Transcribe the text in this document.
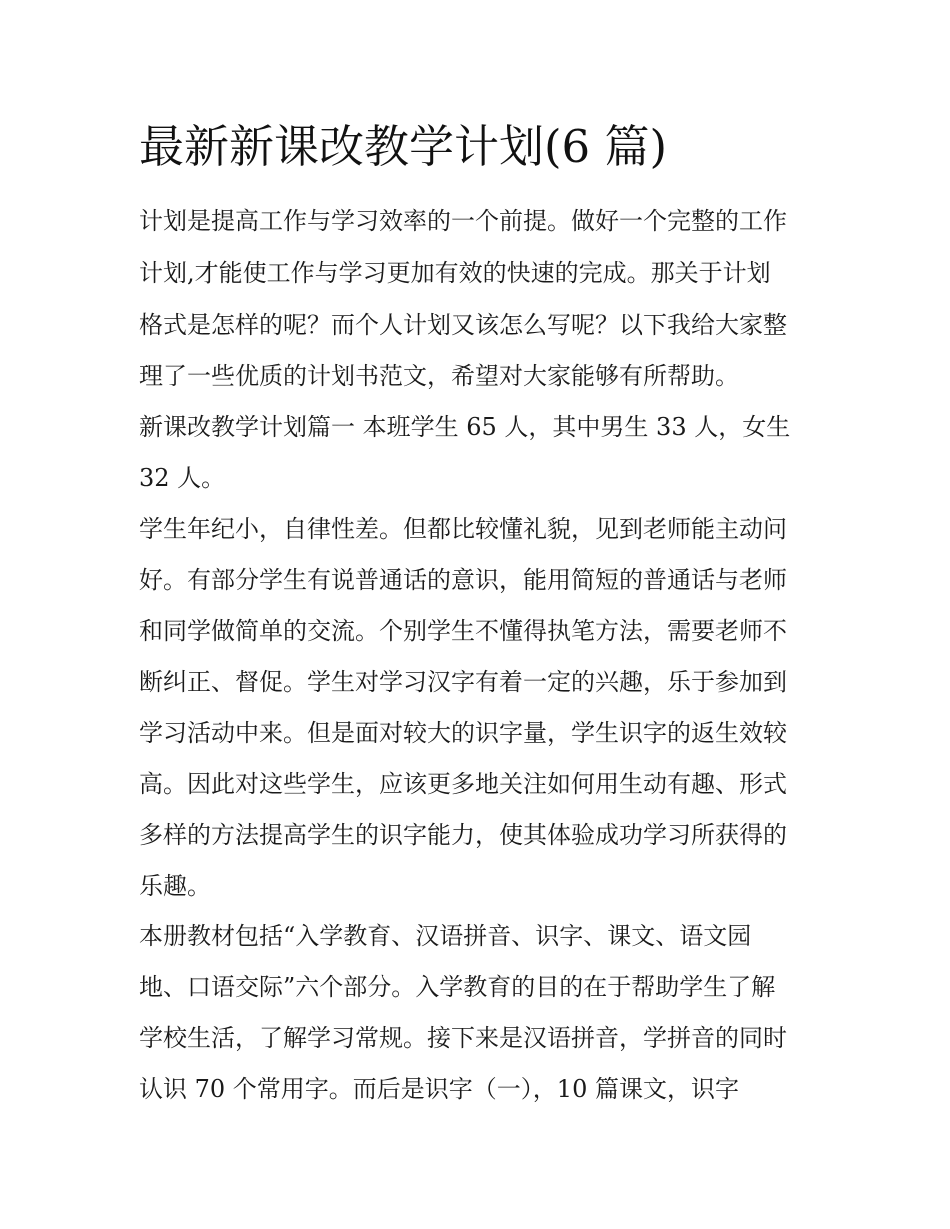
最新新课改教学计划(6 篇)

计划是提高工作与学习效率的一个前提。做好一个完整的工作

计划,才能使工作与学习更加有效的快速的完成。那关于计划

格式是怎样的呢？而个人计划又该怎么写呢？以下我给大家整

理了一些优质的计划书范文，希望对大家能够有所帮助。

新课改教学计划篇一 本班学生 65 人，其中男生 33 人，女生

32 人。

学生年纪小，自律性差。但都比较懂礼貌，见到老师能主动问

好。有部分学生有说普通话的意识，能用简短的普通话与老师

和同学做简单的交流。个别学生不懂得执笔方法，需要老师不

断纠正、督促。学生对学习汉字有着一定的兴趣，乐于参加到

学习活动中来。但是面对较大的识字量，学生识字的返生效较

高。因此对这些学生，应该更多地关注如何用生动有趣、形式

多样的方法提高学生的识字能力，使其体验成功学习所获得的

乐趣。

本册教材包括“入学教育、汉语拼音、识字、课文、语文园

地、口语交际”六个部分。入学教育的目的在于帮助学生了解

学校生活，了解学习常规。接下来是汉语拼音，学拼音的同时

认识 70 个常用字。而后是识字（一），10 篇课文，识字
